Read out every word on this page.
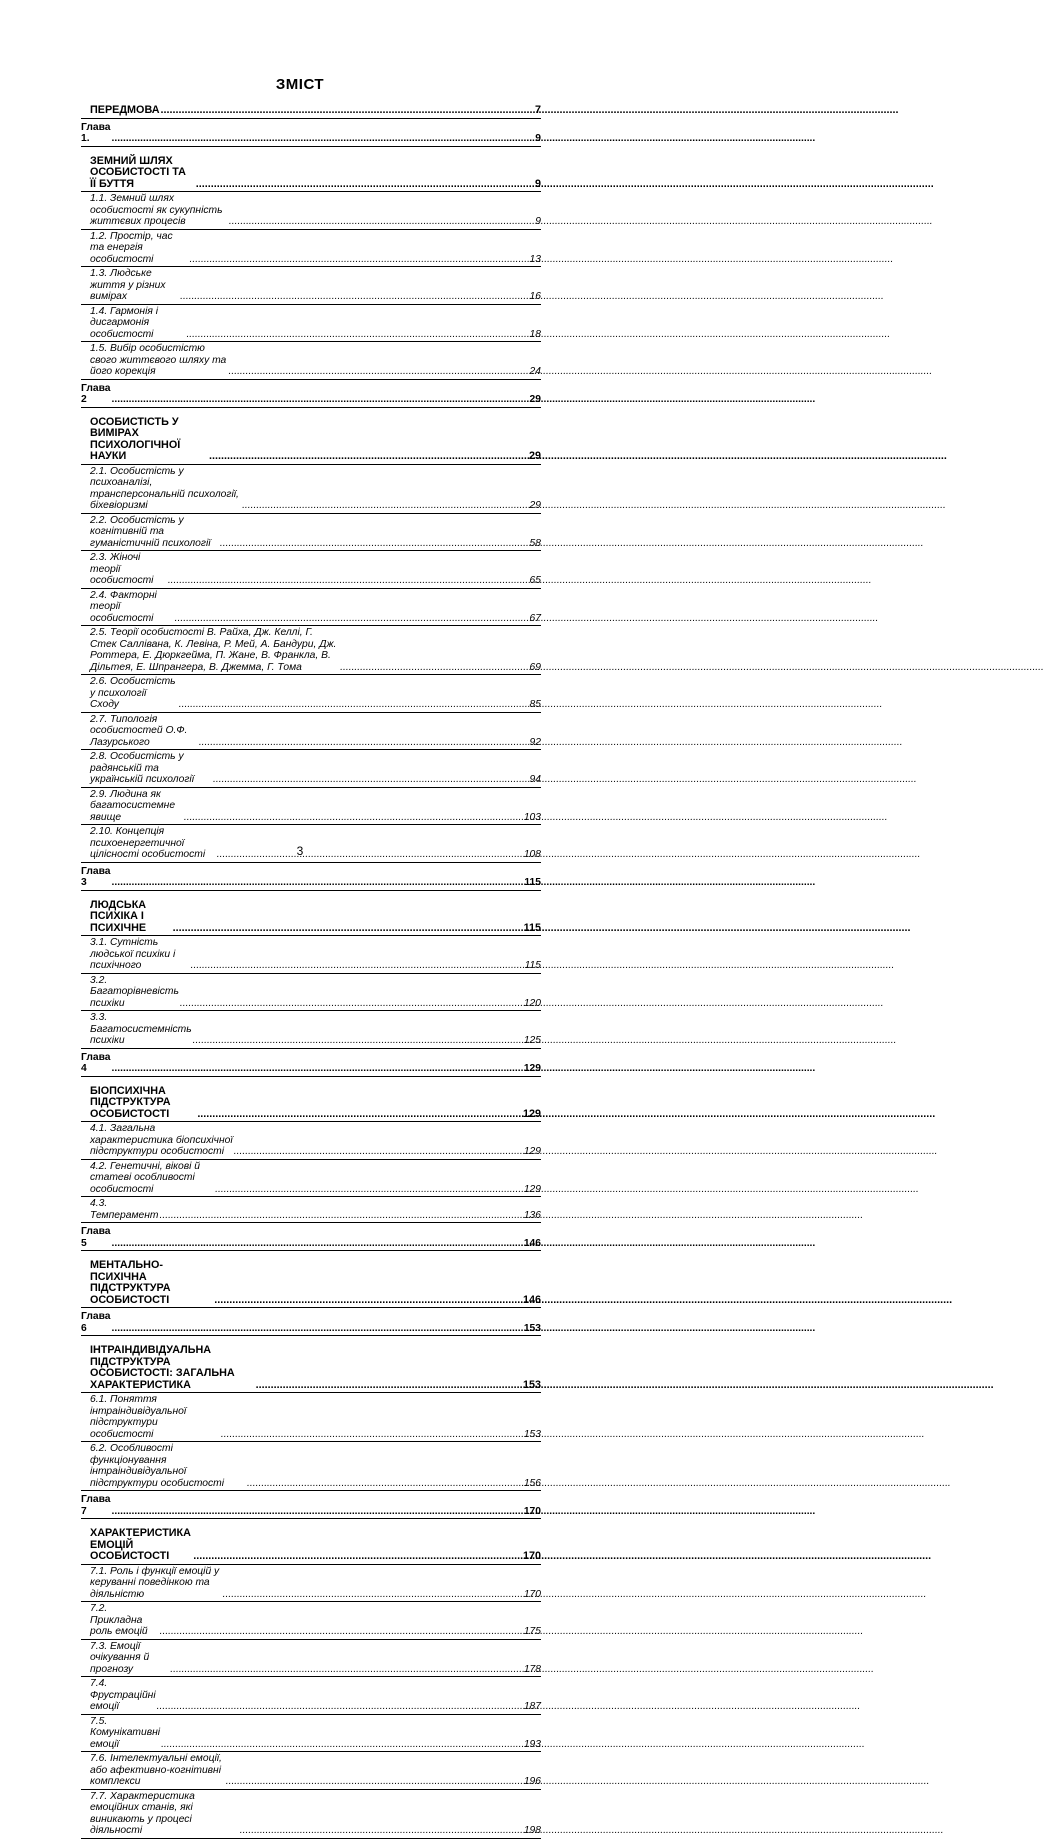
ЗМІСТ
ПЕРЕДМОВА .....	7
Глава 1. .....	9
ЗЕМНИЙ ШЛЯХ ОСОБИСТОСТІ ТА ЇЇ БУТТЯ .....	9
1.1. Земний шлях особистості як сукупність життєвих процесів .....	9
1.2. Простір, час та енергія особистості .....	13
1.3. Людське життя у різних вимірах .....	16
1.4. Гармонія і дисгармонія особистості .....	18
1.5. Вибір особистістю свого життєвого шляху та його корекція .....	24
Глава 2 .....	29
ОСОБИСТІСТЬ У ВИМІРАХ ПСИХОЛОГІЧНОЇ НАУКИ .....	29
2.1. Особистість у психоаналізі, трансперсональній психології, біхевіоризмі .....	29
2.2. Особистість у когнітивній та гуманістичній психології .....	58
2.3. Жіночі теорії особистості .....	65
2.4. Факторні теорії особистості .....	67
2.5. Теорії особистості В. Райха, Дж. Келлі, Г. Стек Салліванa, К. Левіна, Р. Мей, А. Бандури, Дж. Роттера, Е. Дюркгейма, П. Жане, В. Франкла, В. Дільтея, Е. Шпрангера, В. Джемма, Г. Тома .....	69
2.6. Особистість у психології Сходу .....	85
2.7. Типологія особистостей О.Ф. Лазурського .....	92
2.8. Особистість у радянській та українській психології .....	94
2.9. Людина як багатосистемне явище .....	103
2.10. Концепція психоенергетичної цілісності особистості .....	108
Глава 3 .....	115
ЛЮДСЬКА ПСИХІКА І ПСИХІЧНЕ .....	115
3.1. Сутність людської психіки і психічного .....	115
3.2. Багаторівневість психіки .....	120
3.3. Багатосистемність психіки .....	125
Глава 4 .....	129
БІОПСИХІЧНА ПІДСТРУКТУРА ОСОБИСТОСТІ .....	129
4.1. Загальна характеристика біопсихічної підструктури особистості .....	129
4.2. Генетичні, вікові й статеві особливості особистості .....	129
4.3. Темперамент .....	136
Глава 5 .....	146
МЕНТАЛЬНО-ПСИХІЧНА ПІДСТРУКТУРА ОСОБИСТОСТІ .....	146
Глава 6 .....	153
ІНТРАІНДИВІДУАЛЬНА ПІДСТРУКТУРА ОСОБИСТОСТІ: ЗАГАЛЬНА ХАРАКТЕРИСТИКА .....	153
6.1. Поняття інтраіндивідуальної підструктури особистості .....	153
6.2. Особливості функціонування інтраіндивідуальної підструктури особистості .....	156
Глава 7 .....	170
ХАРАКТЕРИСТИКА ЕМОЦІЙ ОСОБИСТОСТІ .....	170
7.1. Роль і функції емоцій у керуванні поведінкою та діяльністю .....	170
7.2. Прикладна роль емоцій .....	175
7.3. Емоції очікування й прогнозу .....	178
7.4. Фрустраційні емоції .....	187
7.5. Комунікативні емоції .....	193
7.6. Інтелектуальні емоції, або афективно-когнітивні комплекси .....	196
7.7. Характеристика емоційних станів, які виникають у процесі діяльності .....	198
3
